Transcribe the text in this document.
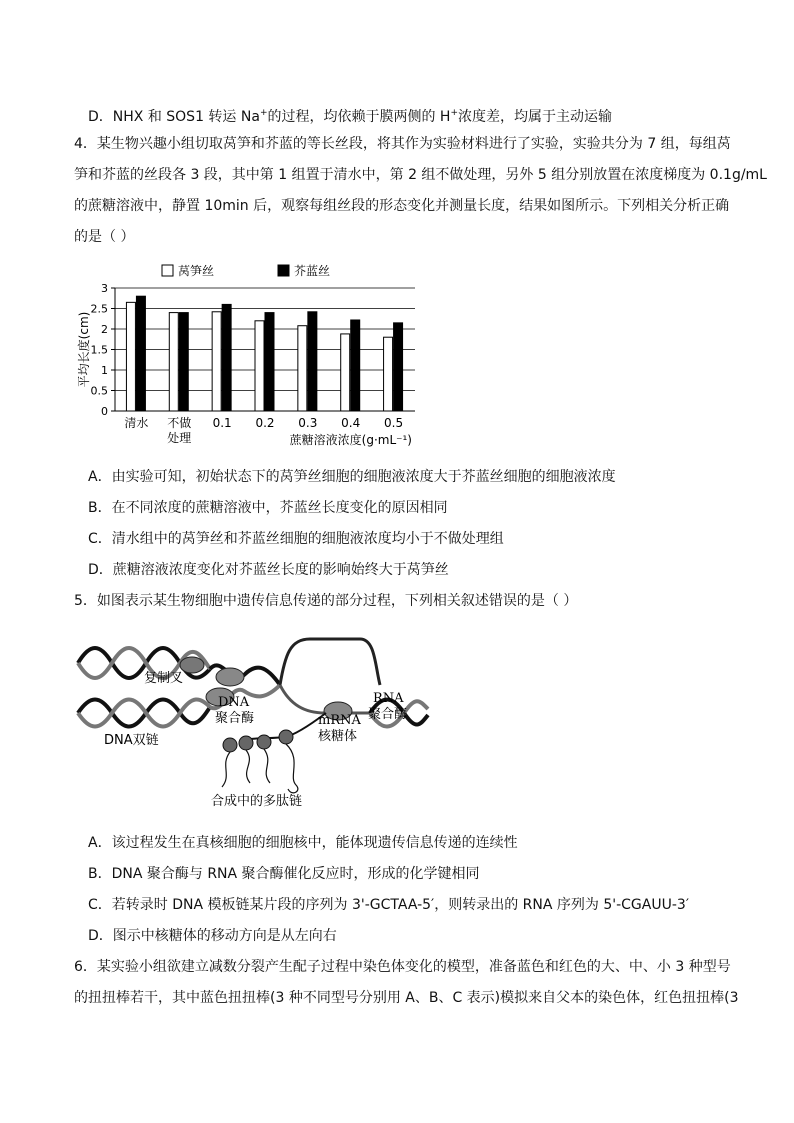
D．NHX 和 SOS1 转运 Na+的过程，均依赖于膜两侧的 H+浓度差，均属于主动运输
4．某生物兴趣小组切取莴笋和芥蓝的等长丝段，将其作为实验材料进行了实验，实验共分为 7 组，每组莴
笋和芥蓝的丝段各 3 段，其中第 1 组置于清水中，第 2 组不做处理，另外 5 组分别放置在浓度梯度为 0.1g/mL
的蔗糖溶液中，静置 10min 后，观察每组丝段的形态变化并测量长度，结果如图所示。下列相关分析正确
的是（ ）
莴笋丝	芥蓝丝
0
0.5
1
1.5
2
2.5
3
清水 不做
处理
0.1 0.2 0.3 0.4 0.5
平均长度(cm)
蔗糖溶液浓度(g·mL⁻¹)
A．由实验可知，初始状态下的莴笋丝细胞的细胞液浓度大于芥蓝丝细胞的细胞液浓度
B．在不同浓度的蔗糖溶液中，芥蓝丝长度变化的原因相同
C．清水组中的莴笋丝和芥蓝丝细胞的细胞液浓度均小于不做处理组
D．蔗糖溶液浓度变化对芥蓝丝长度的影响始终大于莴笋丝
5．如图表示某生物细胞中遗传信息传递的部分过程，下列相关叙述错误的是（ ）
复制叉
DNA
聚合酶
DNA双链
RNA
聚合酶
mRNA
核糖体
合成中的多肽链
A．该过程发生在真核细胞的细胞核中，能体现遗传信息传递的连续性
B．DNA 聚合酶与 RNA 聚合酶催化反应时，形成的化学键相同
C．若转录时 DNA 模板链某片段的序列为 3'-GCTAA-5′，则转录出的 RNA 序列为 5'-CGAUU-3′
D．图示中核糖体的移动方向是从左向右
6．某实验小组欲建立减数分裂产生配子过程中染色体变化的模型，准备蓝色和红色的大、中、小 3 种型号
的扭扭棒若干，其中蓝色扭扭棒(3 种不同型号分别用 A、B、C 表示)模拟来自父本的染色体，红色扭扭棒(3
